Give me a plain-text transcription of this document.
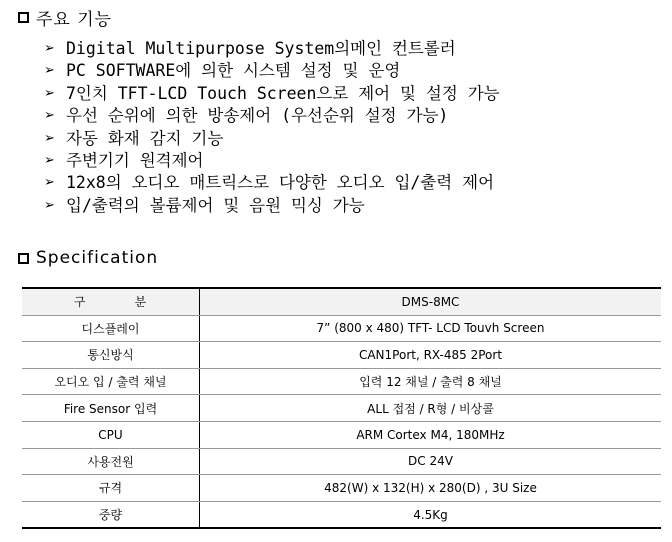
주요 기능
➢ Digital Multipurpose System의메인 컨트롤러
➢ PC SOFTWARE에 의한 시스템 설정 및 운영
➢ 7인치 TFT-LCD Touch Screen으로 제어 및 설정 가능
➢ 우선 순위에 의한 방송제어 (우선순위 설정 가능)
➢ 자동 화재 감지 기능
➢ 주변기기 원격제어
➢ 12x8의 오디오 매트릭스로 다양한 오디오 입/출력 제어
➢ 입/출력의 볼륨제어 및 음원 믹싱 가능
Specification
구          분	DMS-8MC
디스플레이	7” (800 x 480) TFT- LCD Touvh Screen
통신방식	CAN1Port, RX-485 2Port
오디오 입 / 출력 채널	입력 12 채널 / 출력 8 채널
Fire Sensor 입력	ALL 접점 / R형 / 비상콜
CPU	ARM Cortex M4, 180MHz
사용전원	DC 24V
규격	482(W) x 132(H) x 280(D) , 3U Size
중량	4.5Kg
